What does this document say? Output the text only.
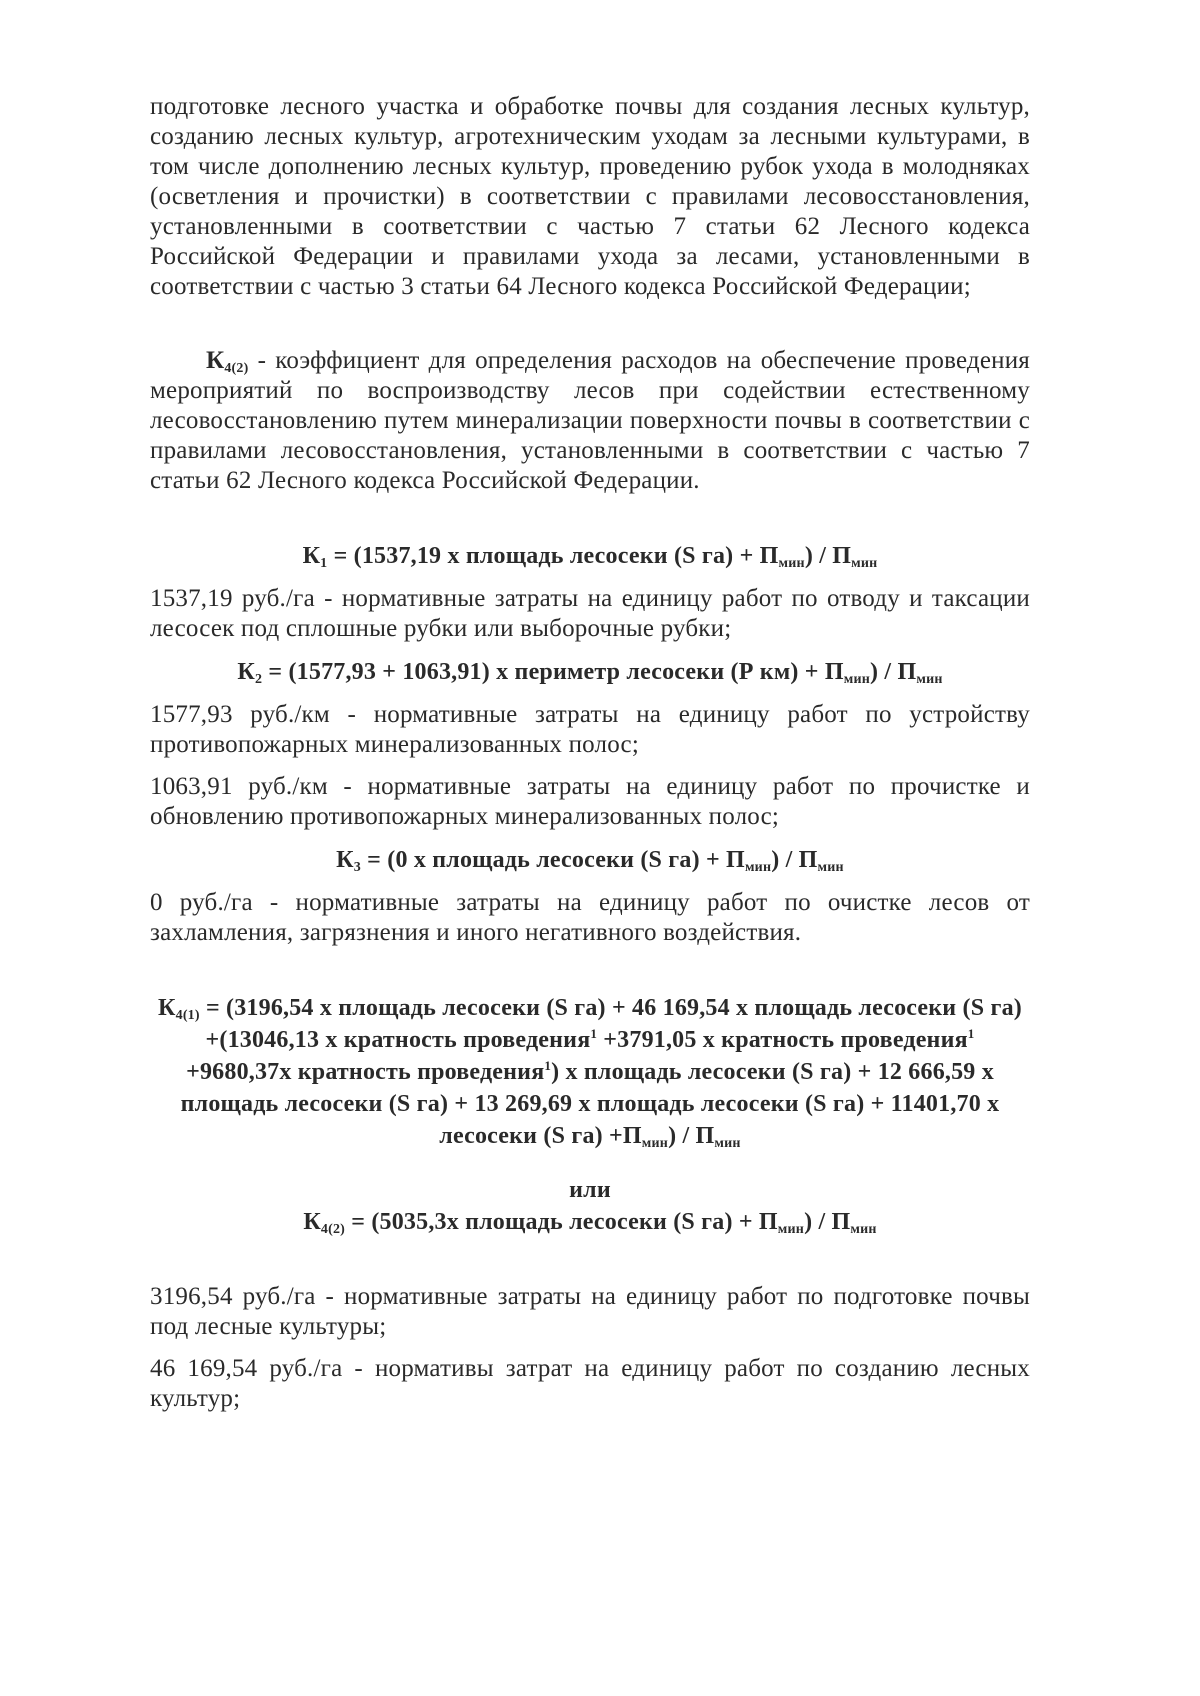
подготовке лесного участка и обработке почвы для создания лесных культур, созданию лесных культур, агротехническим уходам за лесными культурами, в том числе дополнению лесных культур, проведению рубок ухода в молодняках (осветления и прочистки) в соответствии с правилами лесовосстановления, установленными в соответствии с частью 7 статьи 62 Лесного кодекса Российской Федерации и правилами ухода за лесами, установленными в соответствии с частью 3 статьи 64 Лесного кодекса Российской Федерации;

$К_{4(2)}$ - коэффициент для определения расходов на обеспечение проведения мероприятий по воспроизводству лесов при содействии естественному лесовосстановлению путем минерализации поверхности почвы в соответствии с правилами лесовосстановления, установленными в соответствии с частью 7 статьи 62 Лесного кодекса Российской Федерации.

$К_1 = (1537,19$ х площадь лесосеки (S $га) + П_{мин}) / П_{мин}$

1537,19 руб./га - нормативные затраты на единицу работ по отводу и таксации лесосек под сплошные рубки или выборочные рубки;

$К_2 = (1577,93 + 1063,91)$ х периметр лесосеки (Р $км) + П_{мин}) / П_{мин}$

1577,93 руб./км - нормативные затраты на единицу работ по устройству противопожарных минерализованных полос;

1063,91 руб./км - нормативные затраты на единицу работ по прочистке и обновлению противопожарных минерализованных полос;

$К_3 = (0$ х площадь лесосеки (S $га) + П_{мин}) / П_{мин}$

0 руб./га - нормативные затраты на единицу работ по очистке лесов от захламления, загрязнения и иного негативного воздействия.

$К_{4(1)} = (3196,54$ х площадь лесосеки (S га) + 46 169,54 х площадь лесосеки (S га) +(13046,13 х кратность проведения$^1$ +3791,05 х кратность проведения$^1$ +9680,37х кратность проведения$^1$) х площадь лесосеки (S га) + 12 666,59 х площадь лесосеки (S га) + 13 269,69 х площадь лесосеки (S га) + 11401,70 х лесосеки (S $га) +П_{мин}) / П_{мин}$

или

$К_{4(2)} = (5035,3х$ площадь лесосеки (S $га) + П_{мин}) / П_{мин}$

3196,54 руб./га - нормативные затраты на единицу работ по подготовке почвы под лесные культуры;

46 169,54 руб./га - нормативы затрат на единицу работ по созданию лесных культур;
